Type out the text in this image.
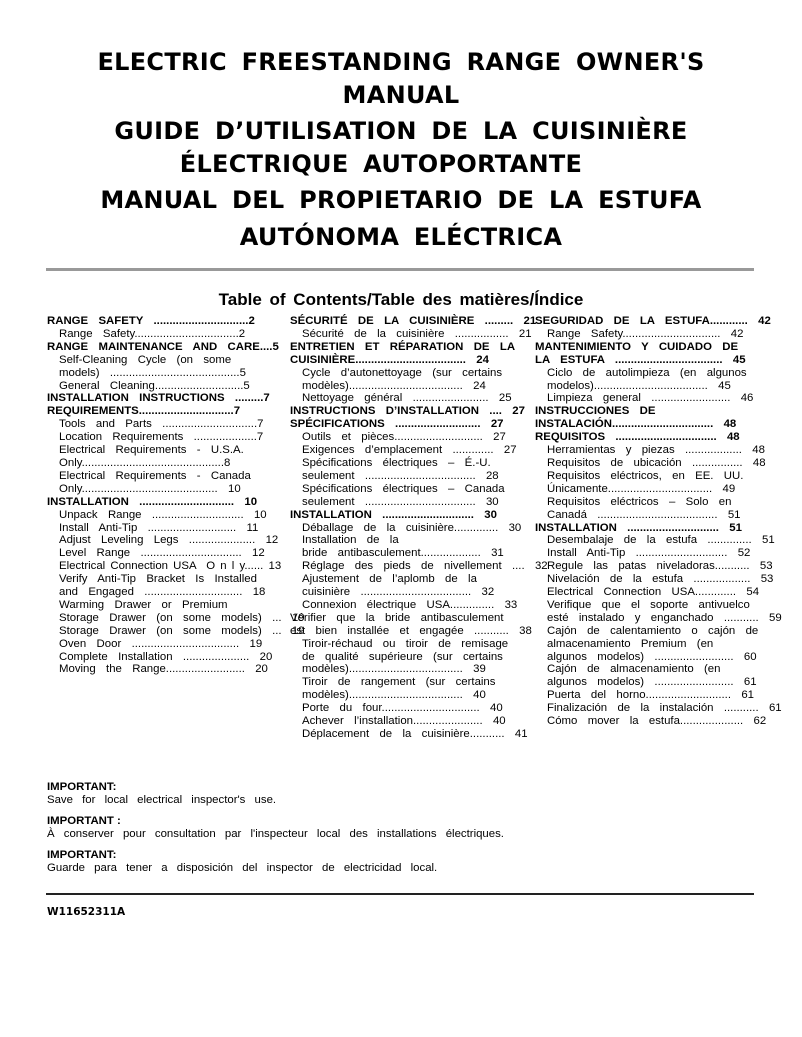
ELECTRIC FREESTANDING RANGE OWNER'S
MANUAL
GUIDE D’UTILISATION DE LA CUISINIÈRE
ÉLECTRIQUE AUTOPORTANTE
MANUAL DEL PROPIETARIO DE LA ESTUFA
AUTÓNOMA ELÉCTRICA
Table of Contents/Table des matières/Índice
RANGE  SAFETY  ..............................2
Range  Safety.................................2
RANGE  MAINTENANCE  AND  CARE....5
Self-Cleaning  Cycle  (on  some
models)  .........................................5
General  Cleaning............................5
INSTALLATION  INSTRUCTIONS  .........7
REQUIREMENTS..............................7
Tools  and  Parts  ..............................7
Location  Requirements  ....................7
Electrical  Requirements  -  U.S.A.
Only.............................................8
Electrical  Requirements  -  Canada
Only...........................................  10
INSTALLATION  ..............................  10
Unpack  Range  .............................  10
Install  Anti-Tip  ............................  11
Adjust  Leveling  Legs  .....................  12
Level  Range  ................................  12
Electrical Connection USA  O n l y...... 13
Verify  Anti-Tip  Bracket  Is  Installed
and  Engaged  ...............................  18
Warming  Drawer  or  Premium
Storage  Drawer  (on  some  models)  ...  19
Storage  Drawer  (on  some  models)  ...  19
Oven  Door  ..................................  19
Complete  Installation  .....................  20
Moving  the  Range.........................  20
SÉCURITÉ  DE  LA  CUISINIÈRE  .........  21
Sécurité  de  la  cuisinière  .................  21
ENTRETIEN  ET  RÉPARATION  DE  LA
CUISINIÈRE...................................  24
Cycle  d’autonettoyage  (sur  certains
modèles)....................................  24
Nettoyage  général  ........................  25
INSTRUCTIONS  D’INSTALLATION  ....  27
SPÉCIFICATIONS  ...........................  27
Outils  et  pièces............................  27
Exigences  d’emplacement  .............  27
Spécifications  électriques  –  É.-U.
seulement  ...................................  28
Spécifications  électriques  –  Canada
seulement  ...................................  30
INSTALLATION  .............................  30
Déballage  de  la  cuisinière..............  30
Installation  de  la
bride  antibasculement...................  31
Réglage  des  pieds  de  nivellement  ....  32
Ajustement  de  l’aplomb  de  la
cuisinière  ...................................  32
Connexion  électrique  USA..............  33
Vérifier  que  la  bride  antibasculement
est  bien  installée  et  engagée  ...........  38
Tiroir-réchaud  ou  tiroir  de  remisage
de  qualité  supérieure  (sur  certains
modèles)....................................  39
Tiroir  de  rangement  (sur  certains
modèles)....................................  40
Porte  du  four...............................  40
Achever  l’installation......................  40
Déplacement  de  la  cuisinière...........  41
SEGURIDAD  DE  LA  ESTUFA............  42
Range  Safety...............................  42
MANTENIMIENTO  Y  CUIDADO  DE
LA  ESTUFA  ..................................  45
Ciclo  de  autolimpieza  (en  algunos
modelos)....................................  45
Limpieza  general  .........................  46
INSTRUCCIONES  DE
INSTALACIÓN................................  48
REQUISITOS  ................................  48
Herramientas  y  piezas  ..................  48
Requisitos  de  ubicación  ................  48
Requisitos  eléctricos,  en  EE.  UU.
Únicamente.................................  49
Requisitos  eléctricos  –  Solo  en
Canadá  ......................................  51
INSTALLATION  .............................  51
Desembalaje  de  la  estufa  ..............  51
Install  Anti-Tip  .............................  52
Regule  las  patas  niveladoras...........  53
Nivelación  de  la  estufa  ..................  53
Electrical  Connection  USA.............  54
Verifique  que  el  soporte  antivuelco
esté  instalado  y  enganchado  ...........  59
Cajón  de  calentamiento  o  cajón  de
almacenamiento  Premium  (en
algunos  modelos)  .........................  60
Cajón  de  almacenamiento  (en
algunos  modelos)  .........................  61
Puerta  del  horno...........................  61
Finalización  de  la  instalación  ...........  61
Cómo  mover  la  estufa....................  62
IMPORTANT:
Save for local electrical inspector's use.
IMPORTANT :
À conserver pour consultation par l'inspecteur local des installations électriques.
IMPORTANT:
Guarde para tener a disposición del inspector de electricidad local.
W11652311A
